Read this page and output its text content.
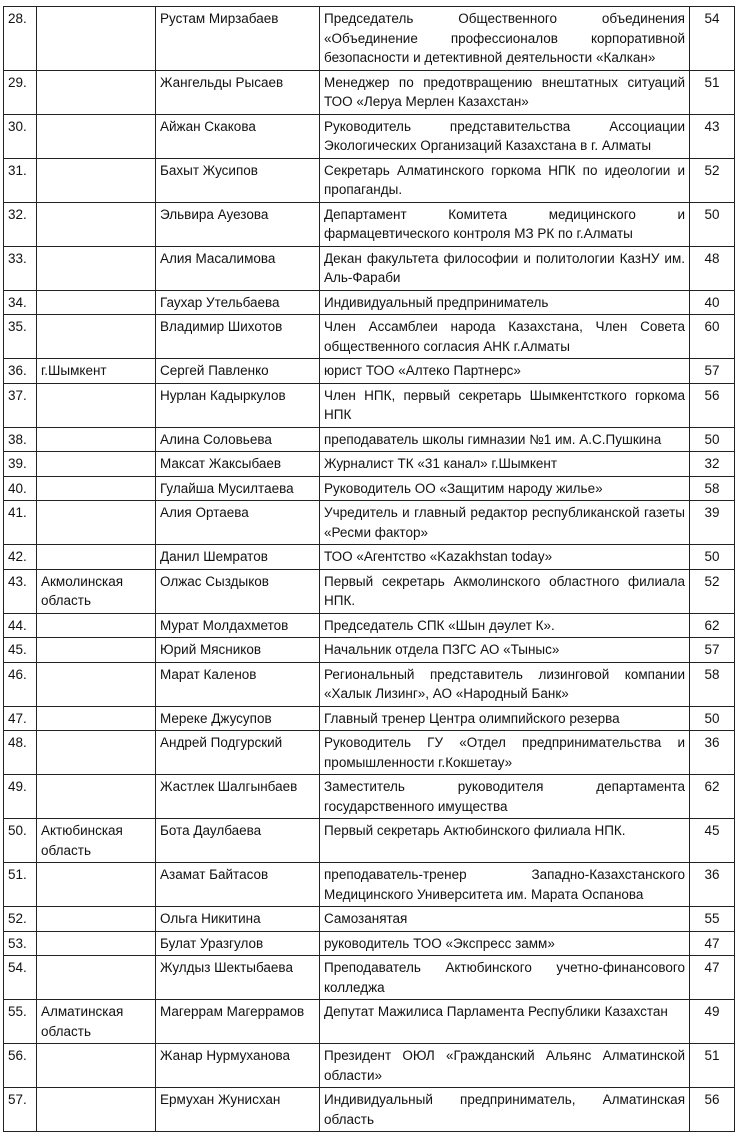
28.		Рустам Мирзабаев	Председатель Общественного объединения «Объединение профессионалов корпоративной безопасности и детективной деятельности «Калкан»	54
29.		Жангельды Рысаев	Менеджер по предотвращению внештатных ситуаций ТОО «Леруа Мерлен Казахстан»	51
30.		Айжан Скакова	Руководитель представительства Ассоциации Экологических Организаций Казахстана в г. Алматы	43
31.		Бахыт Жусипов	Секретарь Алматинского горкома НПК по идеологии и пропаганды.	52
32.		Эльвира Ауезова	Департамент Комитета медицинского и фармацевтического контроля МЗ РК по г.Алматы	50
33.		Алия Масалимова	Декан факультета философии и политологии КазНУ им. Аль-Фараби	48
34.		Гаухар Утельбаева	Индивидуальный предприниматель	40
35.		Владимир Шихотов	Член Ассамблеи народа Казахстана, Член Совета общественного согласия АНК г.Алматы	60
36.	г.Шымкент	Сергей Павленко	юрист ТОО «Алтеко Партнерс»	57
37.		Нурлан Кадыркулов	Член НПК, первый секретарь Шымкентсткого горкома НПК	56
38.		Алина Соловьева	преподаватель школы гимназии №1 им. А.С.Пушкина	50
39.		Максат Жаксыбаев	Журналист ТК «31 канал» г.Шымкент	32
40.		Гулайша Мусилтаева	Руководитель ОО «Защитим народу жилье»	58
41.		Алия Ортаева	Учредитель и главный редактор республиканской газеты «Ресми фактор»	39
42.		Данил Шемратов	ТОО «Агентство «Kazakhstan today»	50
43.	Акмолинская область	Олжас Сыздыков	Первый секретарь Акмолинского областного филиала НПК.	52
44.		Мурат Молдахметов	Председатель СПК «Шын дәулет К».	62
45.		Юрий Мясников	Начальник отдела ПЗГС АО «Тыныс»	57
46.		Марат Каленов	Региональный представитель лизинговой компании «Халык Лизинг», АО «Народный Банк»	58
47.		Мереке Джусупов	Главный тренер Центра олимпийского резерва	50
48.		Андрей Подгурский	Руководитель ГУ «Отдел предпринимательства и промышленности г.Кокшетау»	36
49.		Жастлек Шалгынбаев	Заместитель руководителя департамента государственного имущества	62
50.	Актюбинская область	Бота Даулбаева	Первый секретарь Актюбинского филиала НПК.	45
51.		Азамат Байтасов	преподаватель-тренер Западно-Казахстанского Медицинского Университета им. Марата Оспанова	36
52.		Ольга Никитина	Самозанятая	55
53.		Булат Уразгулов	руководитель ТОО «Экспресс замм»	47
54.		Жулдыз Шектыбаева	Преподаватель Актюбинского учетно-финансового колледжа	47
55.	Алматинская область	Магеррам Магеррамов	Депутат Мажилиса Парламента Республики Казахстан	49
56.		Жанар Нурмуханова	Президент ОЮЛ «Гражданский Альянс Алматинской области»	51
57.		Ермухан Жунисхан	Индивидуальный предприниматель, Алматинская область	56
